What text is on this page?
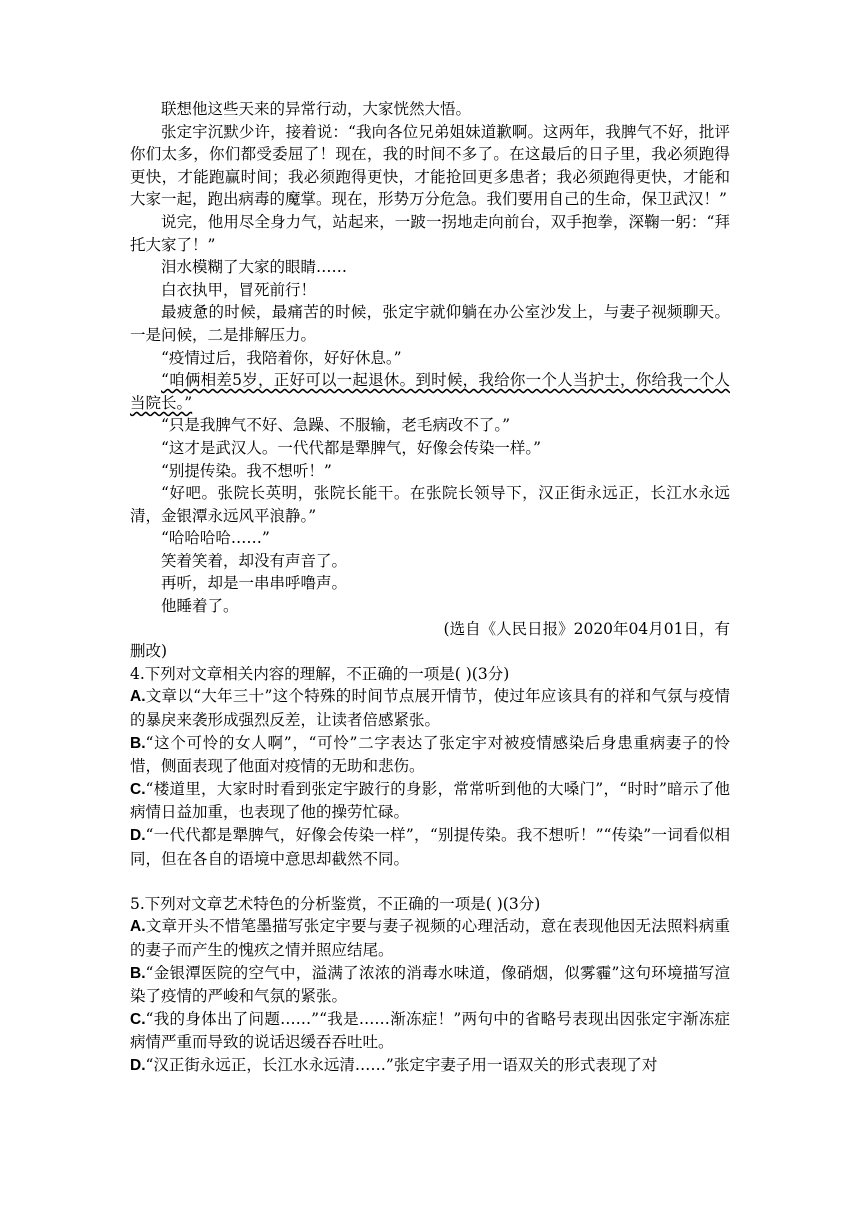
联想他这些天来的异常行动，大家恍然大悟。

张定宇沉默少许，接着说：“我向各位兄弟姐妹道歉啊。这两年，我脾气不好，批评你们太多，你们都受委屈了！现在，我的时间不多了。在这最后的日子里，我必须跑得更快，才能跑赢时间；我必须跑得更快，才能抢回更多患者；我必须跑得更快，才能和大家一起，跑出病毒的魔掌。现在，形势万分危急。我们要用自己的生命，保卫武汉！”

说完，他用尽全身力气，站起来，一跛一拐地走向前台，双手抱拳，深鞠一躬：“拜托大家了！”

泪水模糊了大家的眼睛……

白衣执甲，冒死前行！

最疲惫的时候，最痛苦的时候，张定宇就仰躺在办公室沙发上，与妻子视频聊天。一是问候，二是排解压力。

“疫情过后，我陪着你，好好休息。”

“咱俩相差5岁，正好可以一起退休。到时候，我给你一个人当护士，你给我一个人当院长。”

“只是我脾气不好、急躁、不服输，老毛病改不了。”

“这才是武汉人。一代代都是犟脾气，好像会传染一样。”

“别提传染。我不想听！”

“好吧。张院长英明，张院长能干。在张院长领导下，汉正街永远正，长江水永远清，金银潭永远风平浪静。”

“哈哈哈哈……”

笑着笑着，却没有声音了。

再听，却是一串串呼噜声。

他睡着了。

(选自《人民日报》2020年04月01日，有

删改)

4.下列对文章相关内容的理解，不正确的一项是( )(3分)

A.文章以“大年三十”这个特殊的时间节点展开情节，使过年应该具有的祥和气氛与疫情的暴戾来袭形成强烈反差，让读者倍感紧张。

B.“这个可怜的女人啊”，“可怜”二字表达了张定宇对被疫情感染后身患重病妻子的怜惜，侧面表现了他面对疫情的无助和悲伤。

C.“楼道里，大家时时看到张定宇跛行的身影，常常听到他的大嗓门”，“时时”暗示了他病情日益加重，也表现了他的操劳忙碌。

D.“一代代都是犟脾气，好像会传染一样”，“别提传染。我不想听！”“传染”一词看似相同，但在各自的语境中意思却截然不同。

5.下列对文章艺术特色的分析鉴赏，不正确的一项是( )(3分)

A.文章开头不惜笔墨描写张定宇要与妻子视频的心理活动，意在表现他因无法照料病重的妻子而产生的愧疚之情并照应结尾。

B.“金银潭医院的空气中，溢满了浓浓的消毒水味道，像硝烟，似雾霾”这句环境描写渲染了疫情的严峻和气氛的紧张。

C.“我的身体出了问题……”“我是……渐冻症！”两句中的省略号表现出因张定宇渐冻症病情严重而导致的说话迟缓吞吞吐吐。

D.“汉正街永远正，长江水永远清……”张定宇妻子用一语双关的形式表现了对
